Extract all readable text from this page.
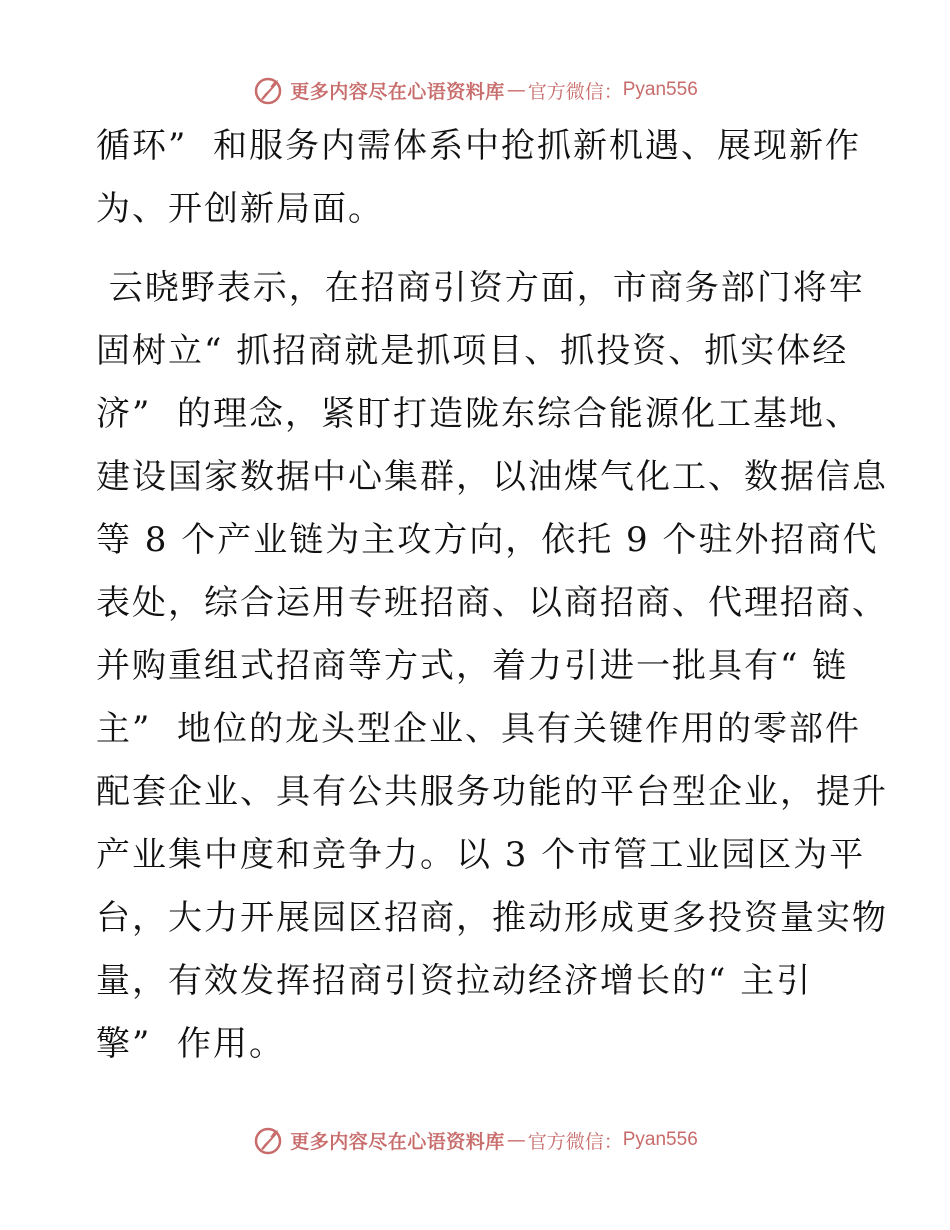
更多内容尽在心语资料库 — 官方微信： Pyan556
循环”  和服务内需体系中抢抓新机遇、展现新作
为、开创新局面。
云晓野表示，在招商引资方面，市商务部门将牢
固树立“ 抓招商就是抓项目、抓投资、抓实体经
济”  的理念，紧盯打造陇东综合能源化工基地、
建设国家数据中心集群，以油煤气化工、数据信息
等 8 个产业链为主攻方向，依托 9 个驻外招商代
表处，综合运用专班招商、以商招商、代理招商、
并购重组式招商等方式，着力引进一批具有“ 链
主”  地位的龙头型企业、具有关键作用的零部件
配套企业、具有公共服务功能的平台型企业，提升
产业集中度和竞争力。以 3 个市管工业园区为平
台，大力开展园区招商，推动形成更多投资量实物
量，有效发挥招商引资拉动经济增长的“ 主引
擎”  作用。
更多内容尽在心语资料库 — 官方微信： Pyan556
